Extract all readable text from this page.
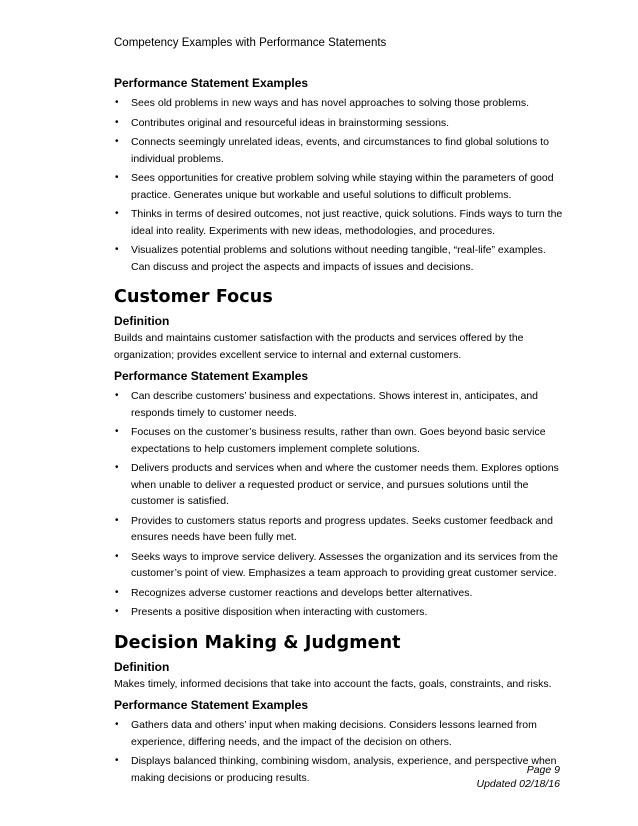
Competency Examples with Performance Statements
Performance Statement Examples
• Sees old problems in new ways and has novel approaches to solving those problems.
• Contributes original and resourceful ideas in brainstorming sessions.
• Connects seemingly unrelated ideas, events, and circumstances to find global solutions to individual problems.
• Sees opportunities for creative problem solving while staying within the parameters of good practice. Generates unique but workable and useful solutions to difficult problems.
• Thinks in terms of desired outcomes, not just reactive, quick solutions. Finds ways to turn the ideal into reality. Experiments with new ideas, methodologies, and procedures.
• Visualizes potential problems and solutions without needing tangible, “real-life” examples. Can discuss and project the aspects and impacts of issues and decisions.
Customer Focus
Definition
Builds and maintains customer satisfaction with the products and services offered by the organization; provides excellent service to internal and external customers.
Performance Statement Examples
• Can describe customers’ business and expectations. Shows interest in, anticipates, and responds timely to customer needs.
• Focuses on the customer’s business results, rather than own. Goes beyond basic service expectations to help customers implement complete solutions.
• Delivers products and services when and where the customer needs them. Explores options when unable to deliver a requested product or service, and pursues solutions until the customer is satisfied.
• Provides to customers status reports and progress updates. Seeks customer feedback and ensures needs have been fully met.
• Seeks ways to improve service delivery. Assesses the organization and its services from the customer’s point of view. Emphasizes a team approach to providing great customer service.
• Recognizes adverse customer reactions and develops better alternatives.
• Presents a positive disposition when interacting with customers.
Decision Making & Judgment
Definition
Makes timely, informed decisions that take into account the facts, goals, constraints, and risks.
Performance Statement Examples
• Gathers data and others’ input when making decisions. Considers lessons learned from experience, differing needs, and the impact of the decision on others.
• Displays balanced thinking, combining wisdom, analysis, experience, and perspective when making decisions or producing results.
Page 9
Updated 02/18/16
